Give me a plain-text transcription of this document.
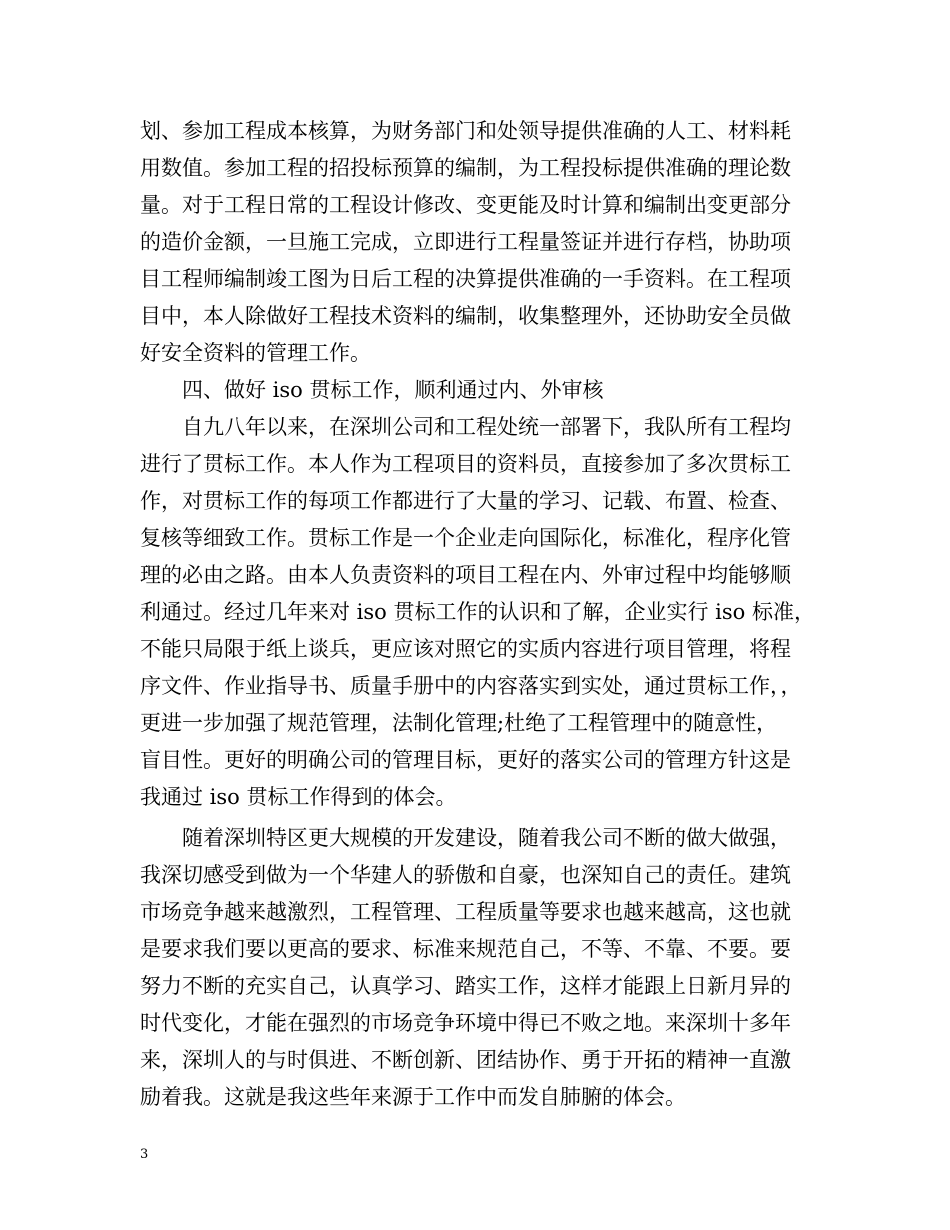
划、参加工程成本核算，为财务部门和处领导提供准确的人工、材料耗
用数值。参加工程的招投标预算的编制，为工程投标提供准确的理论数
量。对于工程日常的工程设计修改、变更能及时计算和编制出变更部分
的造价金额，一旦施工完成，立即进行工程量签证并进行存档，协助项
目工程师编制竣工图为日后工程的决算提供准确的一手资料。在工程项
目中，本人除做好工程技术资料的编制，收集整理外，还协助安全员做
好安全资料的管理工作。
四、做好 iso 贯标工作，顺利通过内、外审核
自九八年以来，在深圳公司和工程处统一部署下，我队所有工程均
进行了贯标工作。本人作为工程项目的资料员，直接参加了多次贯标工
作，对贯标工作的每项工作都进行了大量的学习、记载、布置、检查、
复核等细致工作。贯标工作是一个企业走向国际化，标准化，程序化管
理的必由之路。由本人负责资料的项目工程在内、外审过程中均能够顺
利通过。经过几年来对 iso 贯标工作的认识和了解，企业实行 iso 标准，
不能只局限于纸上谈兵，更应该对照它的实质内容进行项目管理，将程
序文件、作业指导书、质量手册中的内容落实到实处，通过贯标工作，，
更进一步加强了规范管理，法制化管理;杜绝了工程管理中的随意性，
盲目性。更好的明确公司的管理目标，更好的落实公司的管理方针这是
我通过 iso 贯标工作得到的体会。
随着深圳特区更大规模的开发建设，随着我公司不断的做大做强，
我深切感受到做为一个华建人的骄傲和自豪，也深知自己的责任。建筑
市场竞争越来越激烈，工程管理、工程质量等要求也越来越高，这也就
是要求我们要以更高的要求、标准来规范自己，不等、不靠、不要。要
努力不断的充实自己，认真学习、踏实工作，这样才能跟上日新月异的
时代变化，才能在强烈的市场竞争环境中得已不败之地。来深圳十多年
来，深圳人的与时俱进、不断创新、团结协作、勇于开拓的精神一直激
励着我。这就是我这些年来源于工作中而发自肺腑的体会。
3
